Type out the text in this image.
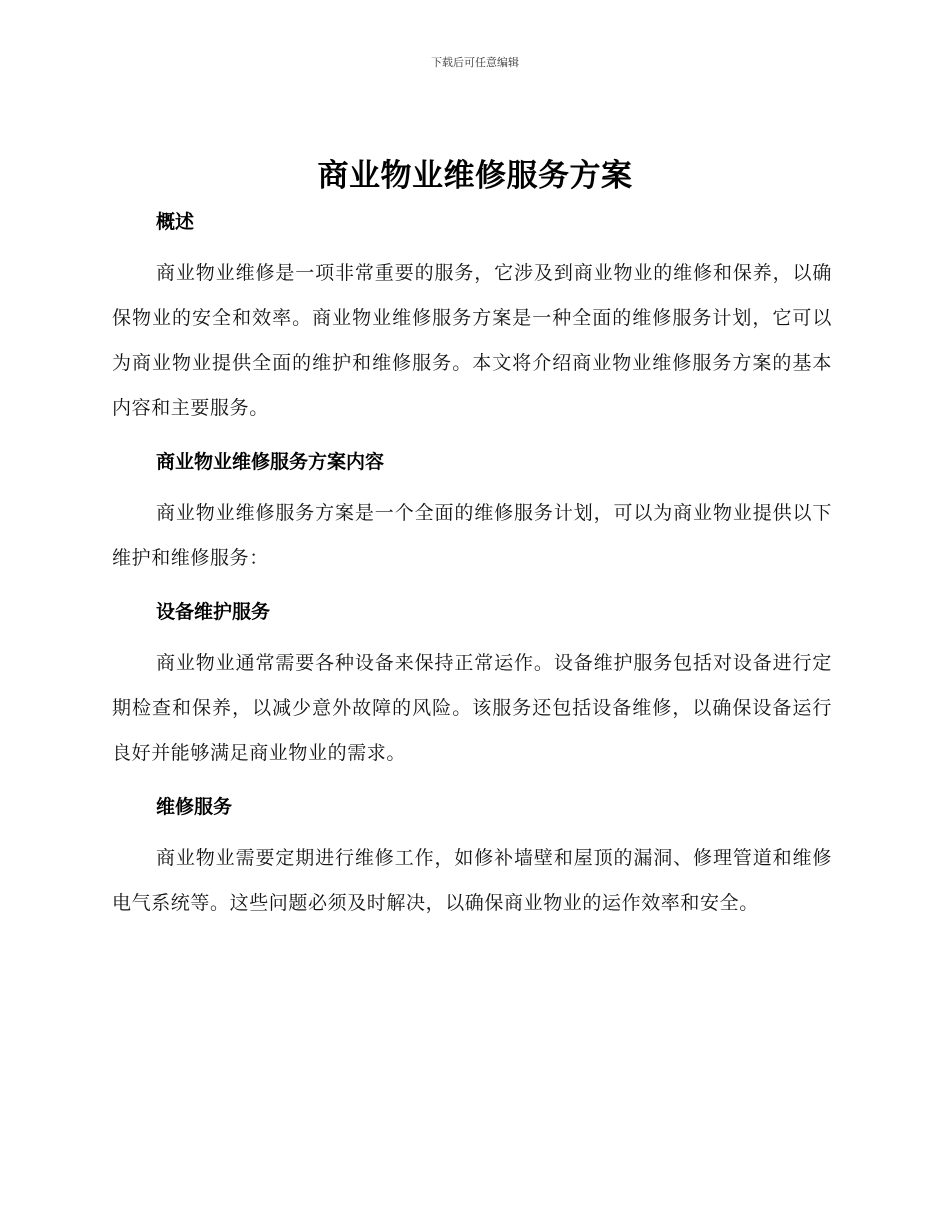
下载后可任意编辑
商业物业维修服务方案
概述

商业物业维修是一项非常重要的服务，它涉及到商业物业的维修和保养，以确保物业的安全和效率。商业物业维修服务方案是一种全面的维修服务计划，它可以为商业物业提供全面的维护和维修服务。本文将介绍商业物业维修服务方案的基本内容和主要服务。

商业物业维修服务方案内容

商业物业维修服务方案是一个全面的维修服务计划，可以为商业物业提供以下维护和维修服务：

设备维护服务

商业物业通常需要各种设备来保持正常运作。设备维护服务包括对设备进行定期检查和保养，以减少意外故障的风险。该服务还包括设备维修，以确保设备运行良好并能够满足商业物业的需求。

维修服务

商业物业需要定期进行维修工作，如修补墙壁和屋顶的漏洞、修理管道和维修电气系统等。这些问题必须及时解决，以确保商业物业的运作效率和安全。
